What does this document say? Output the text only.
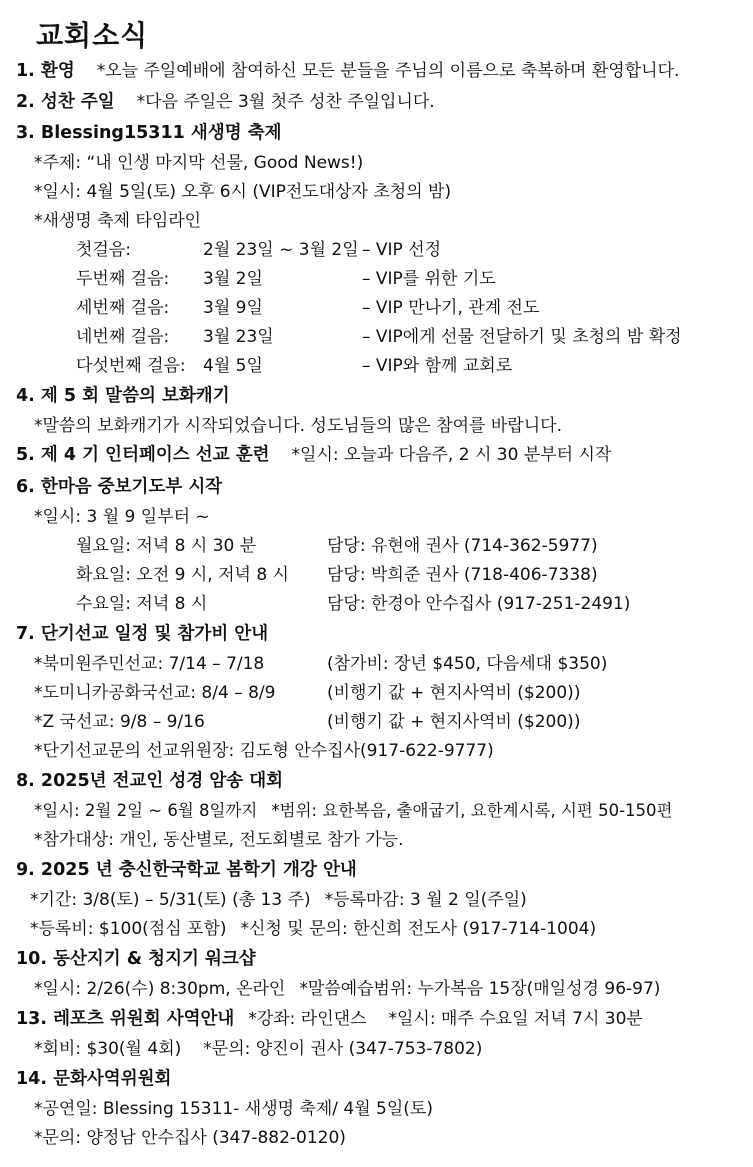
교회소식
1. 환영 *오늘 주일예배에 참여하신 모든 분들을 주님의 이름으로 축복하며 환영합니다.
2. 성찬 주일 *다음 주일은 3월 첫주 성찬 주일입니다.
3. Blessing15311 새생명 축제
*주제: “내 인생 마지막 선물, Good News!)
*일시: 4월 5일(토) 오후 6시 (VIP전도대상자 초청의 밤)
*새생명 축제 타임라인
첫걸음:	2월 23일 ~ 3월 2일 – VIP 선정
두번째 걸음: 3월 2일	– VIP를 위한 기도
세번째 걸음: 3월 9일	– VIP 만나기, 관계 전도
네번째 걸음: 3월 23일	– VIP에게 선물 전달하기 및 초청의 밤 확정
다섯번째 걸음: 4월 5일	– VIP와 함께 교회로
4. 제 5 회 말씀의 보화캐기
*말씀의 보화캐기가 시작되었습니다. 성도님들의 많은 참여를 바랍니다.
5. 제 4 기 인터페이스 선교 훈련 *일시: 오늘과 다음주, 2 시 30 분부터 시작
6. 한마음 중보기도부 시작
*일시: 3 월 9 일부터 ~
월요일: 저녁 8 시 30 분	담당: 유현애 권사 (714-362-5977)
화요일: 오전 9 시, 저녁 8 시 담당: 박희준 권사 (718-406-7338)
수요일: 저녁 8 시	담당: 한경아 안수집사 (917-251-2491)
7. 단기선교 일정 및 참가비 안내
*북미원주민선교: 7/14 – 7/18	(참가비: 장년 $450, 다음세대 $350)
*도미니카공화국선교: 8/4 – 8/9	(비행기 값 + 현지사역비 ($200))
*Z 국선교: 9/8 – 9/16	(비행기 값 + 현지사역비 ($200))
*단기선교문의 선교위원장: 김도형 안수집사(917-622-9777)
8. 2025년 전교인 성경 암송 대회
*일시: 2월 2일 ~ 6월 8일까지 *범위: 요한복음, 출애굽기, 요한계시록, 시편 50-150편
*참가대상: 개인, 동산별로, 전도회별로 참가 가능.
9. 2025 년 충신한국학교 봄학기 개강 안내
*기간: 3/8(토) – 5/31(토) (총 13 주) *등록마감: 3 월 2 일(주일)
*등록비: $100(점심 포함) *신청 및 문의: 한신희 전도사 (917-714-1004)
10. 동산지기 & 청지기 워크샵
*일시: 2/26(수) 8:30pm, 온라인 *말씀예습범위: 누가복음 15장(매일성경 96-97)
13. 레포츠 위원회 사역안내 *강좌: 라인댄스 *일시: 매주 수요일 저녁 7시 30분
*회비: $30(월 4회) *문의: 양진이 권사 (347-753-7802)
14. 문화사역위원회
*공연일: Blessing 15311- 새생명 축제/ 4월 5일(토)
*문의: 양정남 안수집사 (347-882-0120)
